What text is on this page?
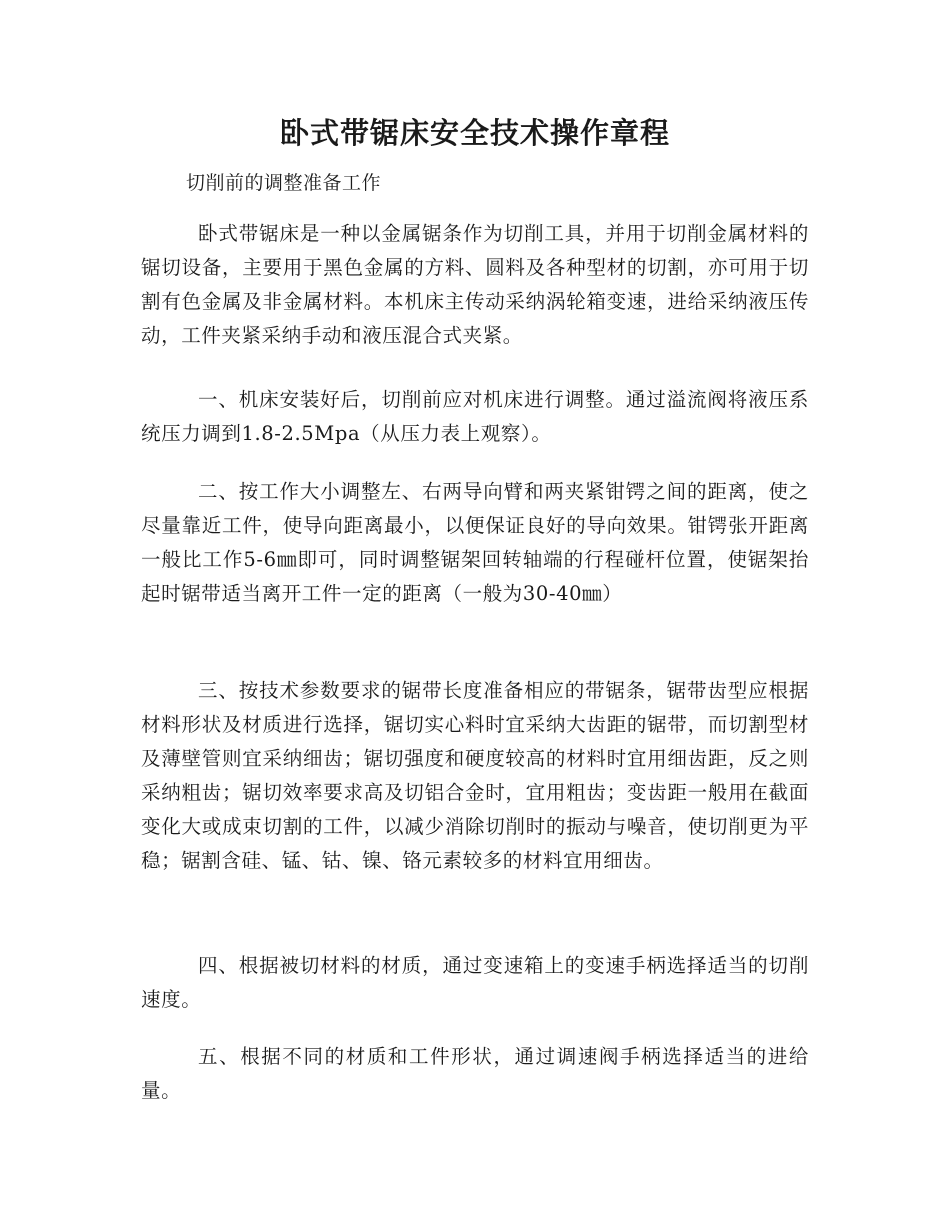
卧式带锯床安全技术操作章程

切削前的调整准备工作

卧式带锯床是一种以金属锯条作为切削工具，并用于切削金属材料的锯切设备，主要用于黑色金属的方料、圆料及各种型材的切割，亦可用于切割有色金属及非金属材料。本机床主传动采纳涡轮箱变速，进给采纳液压传动，工件夹紧采纳手动和液压混合式夹紧。

一、机床安装好后，切削前应对机床进行调整。通过溢流阀将液压系统压力调到1.8-2.5Mpa（从压力表上观察）。

二、按工作大小调整左、右两导向臂和两夹紧钳锷之间的距离，使之尽量靠近工件，使导向距离最小，以便保证良好的导向效果。钳锷张开距离一般比工作5-6㎜即可，同时调整锯架回转轴端的行程碰杆位置，使锯架抬起时锯带适当离开工件一定的距离（一般为30-40㎜）

三、按技术参数要求的锯带长度准备相应的带锯条，锯带齿型应根据材料形状及材质进行选择，锯切实心料时宜采纳大齿距的锯带，而切割型材及薄壁管则宜采纳细齿；锯切强度和硬度较高的材料时宜用细齿距，反之则采纳粗齿；锯切效率要求高及切铝合金时，宜用粗齿；变齿距一般用在截面变化大或成束切割的工件，以减少消除切削时的振动与噪音，使切削更为平稳；锯割含硅、锰、钴、镍、铬元素较多的材料宜用细齿。

四、根据被切材料的材质，通过变速箱上的变速手柄选择适当的切削速度。

五、根据不同的材质和工件形状，通过调速阀手柄选择适当的进给量。
